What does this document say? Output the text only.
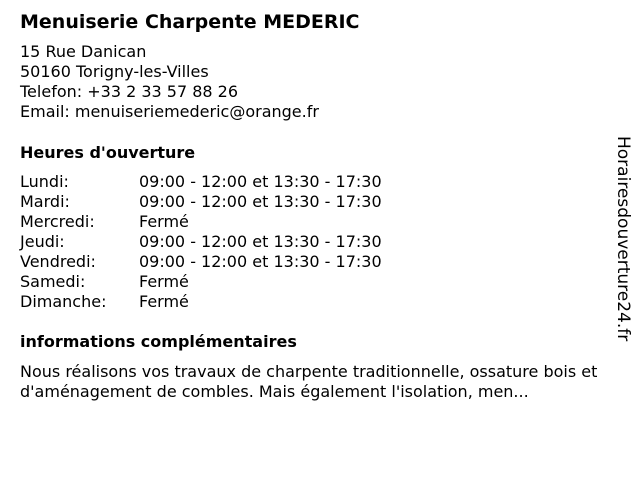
Menuiserie Charpente MEDERIC
15 Rue Danican
50160 Torigny-les-Villes
Telefon: +33 2 33 57 88 26
Email: menuiseriemederic@orange.fr
Heures d'ouverture
Lundi:	09:00 - 12:00 et 13:30 - 17:30
Mardi:	09:00 - 12:00 et 13:30 - 17:30
Mercredi:	Fermé
Jeudi:	09:00 - 12:00 et 13:30 - 17:30
Vendredi:	09:00 - 12:00 et 13:30 - 17:30
Samedi:	Fermé
Dimanche:	Fermé
informations complémentaires
Nous réalisons vos travaux de charpente traditionnelle, ossature bois et d'aménagement de combles. Mais également l'isolation, men...
Horairesdouverture24.fr
